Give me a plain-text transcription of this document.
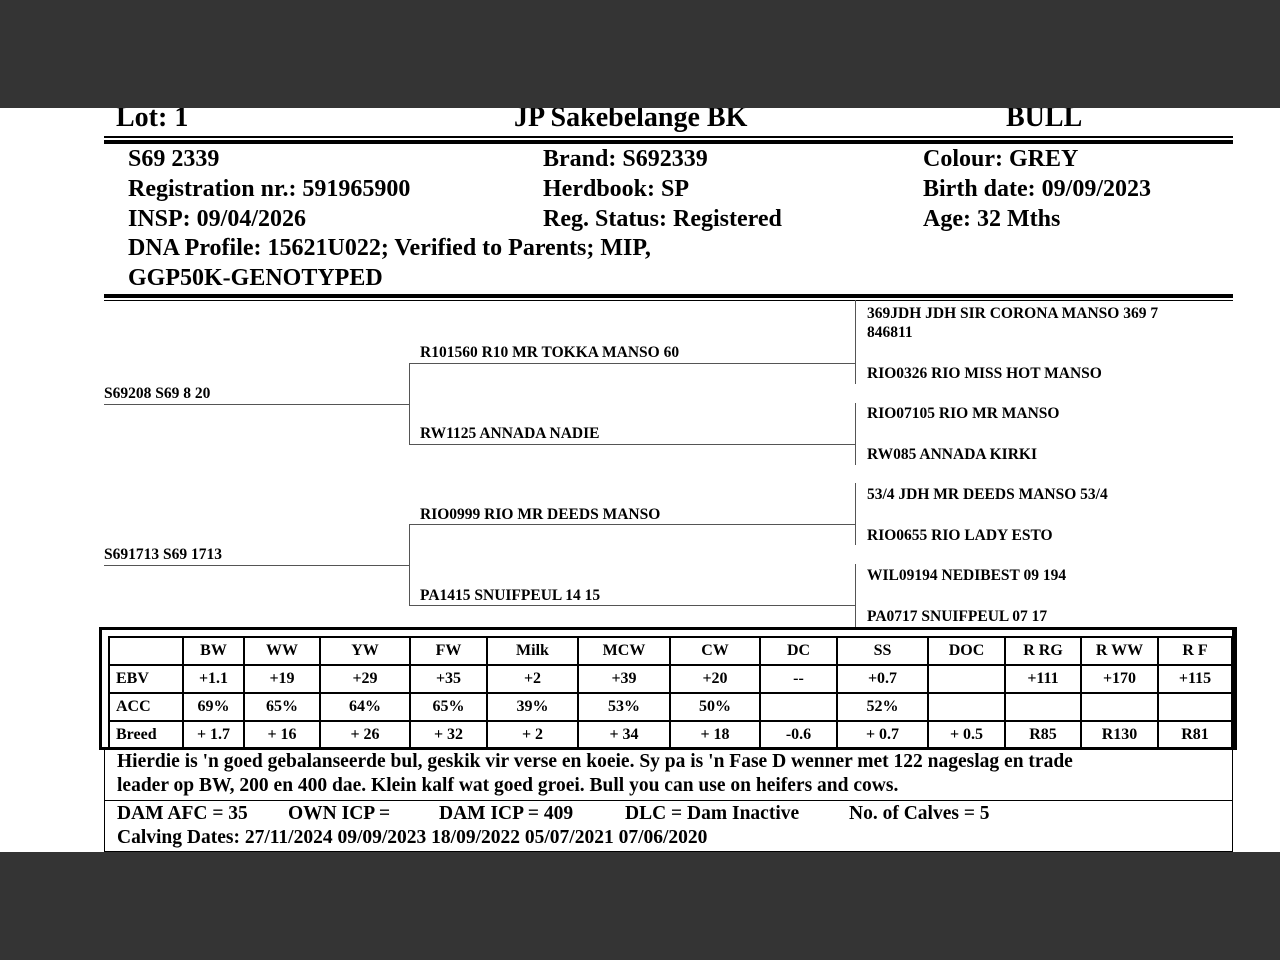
Lot: 1	JP Sakebelange BK	BULL
S69 2339	Brand: S692339	Colour: GREY
Registration nr.: 591965900	Herdbook: SP	Birth date: 09/09/2023
INSP: 09/04/2026	Reg. Status: Registered	Age: 32 Mths
DNA Profile: 15621U022; Verified to Parents; MIP,
GGP50K-GENOTYPED
S69208 S69 8 20
S691713 S69 1713
R101560 R10 MR TOKKA MANSO 60
RW1125 ANNADA NADIE
RIO0999 RIO MR DEEDS MANSO
PA1415 SNUIFPEUL 14 15
369JDH JDH SIR CORONA MANSO 369 7
846811
RIO0326 RIO MISS HOT MANSO
RIO07105 RIO MR MANSO
RW085 ANNADA KIRKI
53/4 JDH MR DEEDS MANSO 53/4
RIO0655 RIO LADY ESTO
WIL09194 NEDIBEST 09 194
PA0717 SNUIFPEUL 07 17
	BW	WW	YW	FW	Milk	MCW	CW	DC	SS	DOC	R RG	R WW	R F
EBV	+1.1	+19	+29	+35	+2	+39	+20	--	+0.7		+111	+170	+115
ACC	69%	65%	64%	65%	39%	53%	50%		52%				
Breed	+ 1.7	+ 16	+ 26	+ 32	+ 2	+ 34	+ 18	-0.6	+ 0.7	+ 0.5	R85	R130	R81
Hierdie is 'n goed gebalanseerde bul, geskik vir verse en koeie. Sy pa is 'n Fase D wenner met 122 nageslag en trade
leader op BW, 200 en 400 dae. Klein kalf wat goed groei. Bull you can use on heifers and cows.
DAM AFC = 35 OWN ICP =	DAM ICP = 409	DLC = Dam Inactive	No. of Calves = 5
Calving Dates: 27/11/2024 09/09/2023 18/09/2022 05/07/2021 07/06/2020
